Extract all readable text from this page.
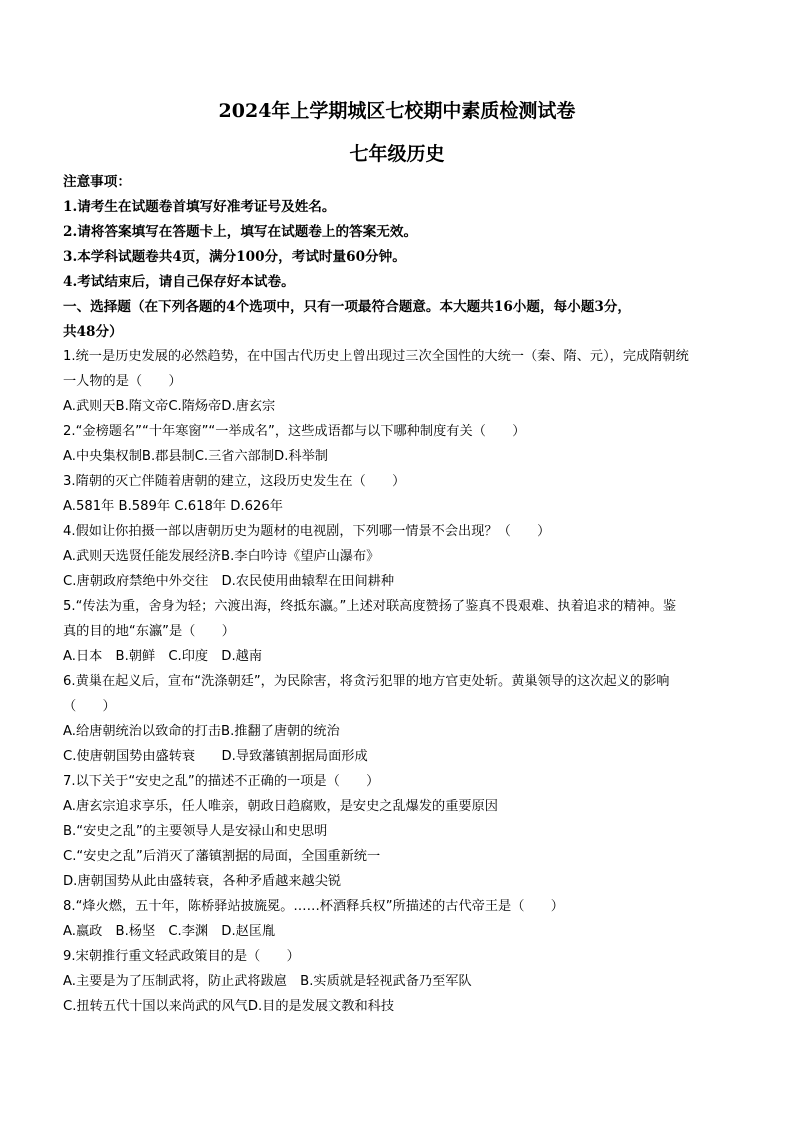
2024年上学期城区七校期中素质检测试卷
七年级历史
注意事项：
1.请考生在试题卷首填写好准考证号及姓名。
2.请将答案填写在答题卡上，填写在试题卷上的答案无效。
3.本学科试题卷共4页，满分100分，考试时量60分钟。
4.考试结束后，请自己保存好本试卷。
一、选择题（在下列各题的4个选项中，只有一项最符合题意。本大题共16小题，每小题3分，
共48分）
1.统一是历史发展的必然趋势，在中国古代历史上曾出现过三次全国性的大统一（秦、隋、元），完成隋朝统
一人物的是（　　）
A.武则天B.隋文帝C.隋炀帝D.唐玄宗
2.“金榜题名”“十年寒窗”“一举成名”，这些成语都与以下哪种制度有关（　　）
A.中央集权制B.郡县制C.三省六部制D.科举制
3.隋朝的灭亡伴随着唐朝的建立，这段历史发生在（　　）
A.581年 B.589年 C.618年 D.626年
4.假如让你拍摄一部以唐朝历史为题材的电视剧，下列哪一情景不会出现？（　　）
A.武则天选贤任能发展经济B.李白吟诗《望庐山瀑布》
C.唐朝政府禁绝中外交往　D.农民使用曲辕犁在田间耕种
5.“传法为重，舍身为轻；六渡出海，终抵东瀛。”上述对联高度赞扬了鉴真不畏艰难、执着追求的精神。鉴
真的目的地“东瀛”是（　　）
A.日本　B.朝鲜　C.印度　D.越南
6.黄巢在起义后，宣布“洗涤朝廷”，为民除害，将贪污犯罪的地方官吏处斩。黄巢领导的这次起义的影响
（　　）
A.给唐朝统治以致命的打击B.推翻了唐朝的统治
C.使唐朝国势由盛转衰　　D.导致藩镇割据局面形成
7.以下关于“安史之乱”的描述不正确的一项是（　　）
A.唐玄宗追求享乐，任人唯亲，朝政日趋腐败，是安史之乱爆发的重要原因
B.“安史之乱”的主要领导人是安禄山和史思明
C.“安史之乱”后消灭了藩镇割据的局面，全国重新统一
D.唐朝国势从此由盛转衰，各种矛盾越来越尖锐
8.“烽火燃，五十年，陈桥驿站披旒冕。……杯酒释兵权”所描述的古代帝王是（　　）
A.嬴政　B.杨坚　C.李渊　D.赵匡胤
9.宋朝推行重文轻武政策目的是（　　）
A.主要是为了压制武将，防止武将跋扈　B.实质就是轻视武备乃至军队
C.扭转五代十国以来尚武的风气D.目的是发展文教和科技
